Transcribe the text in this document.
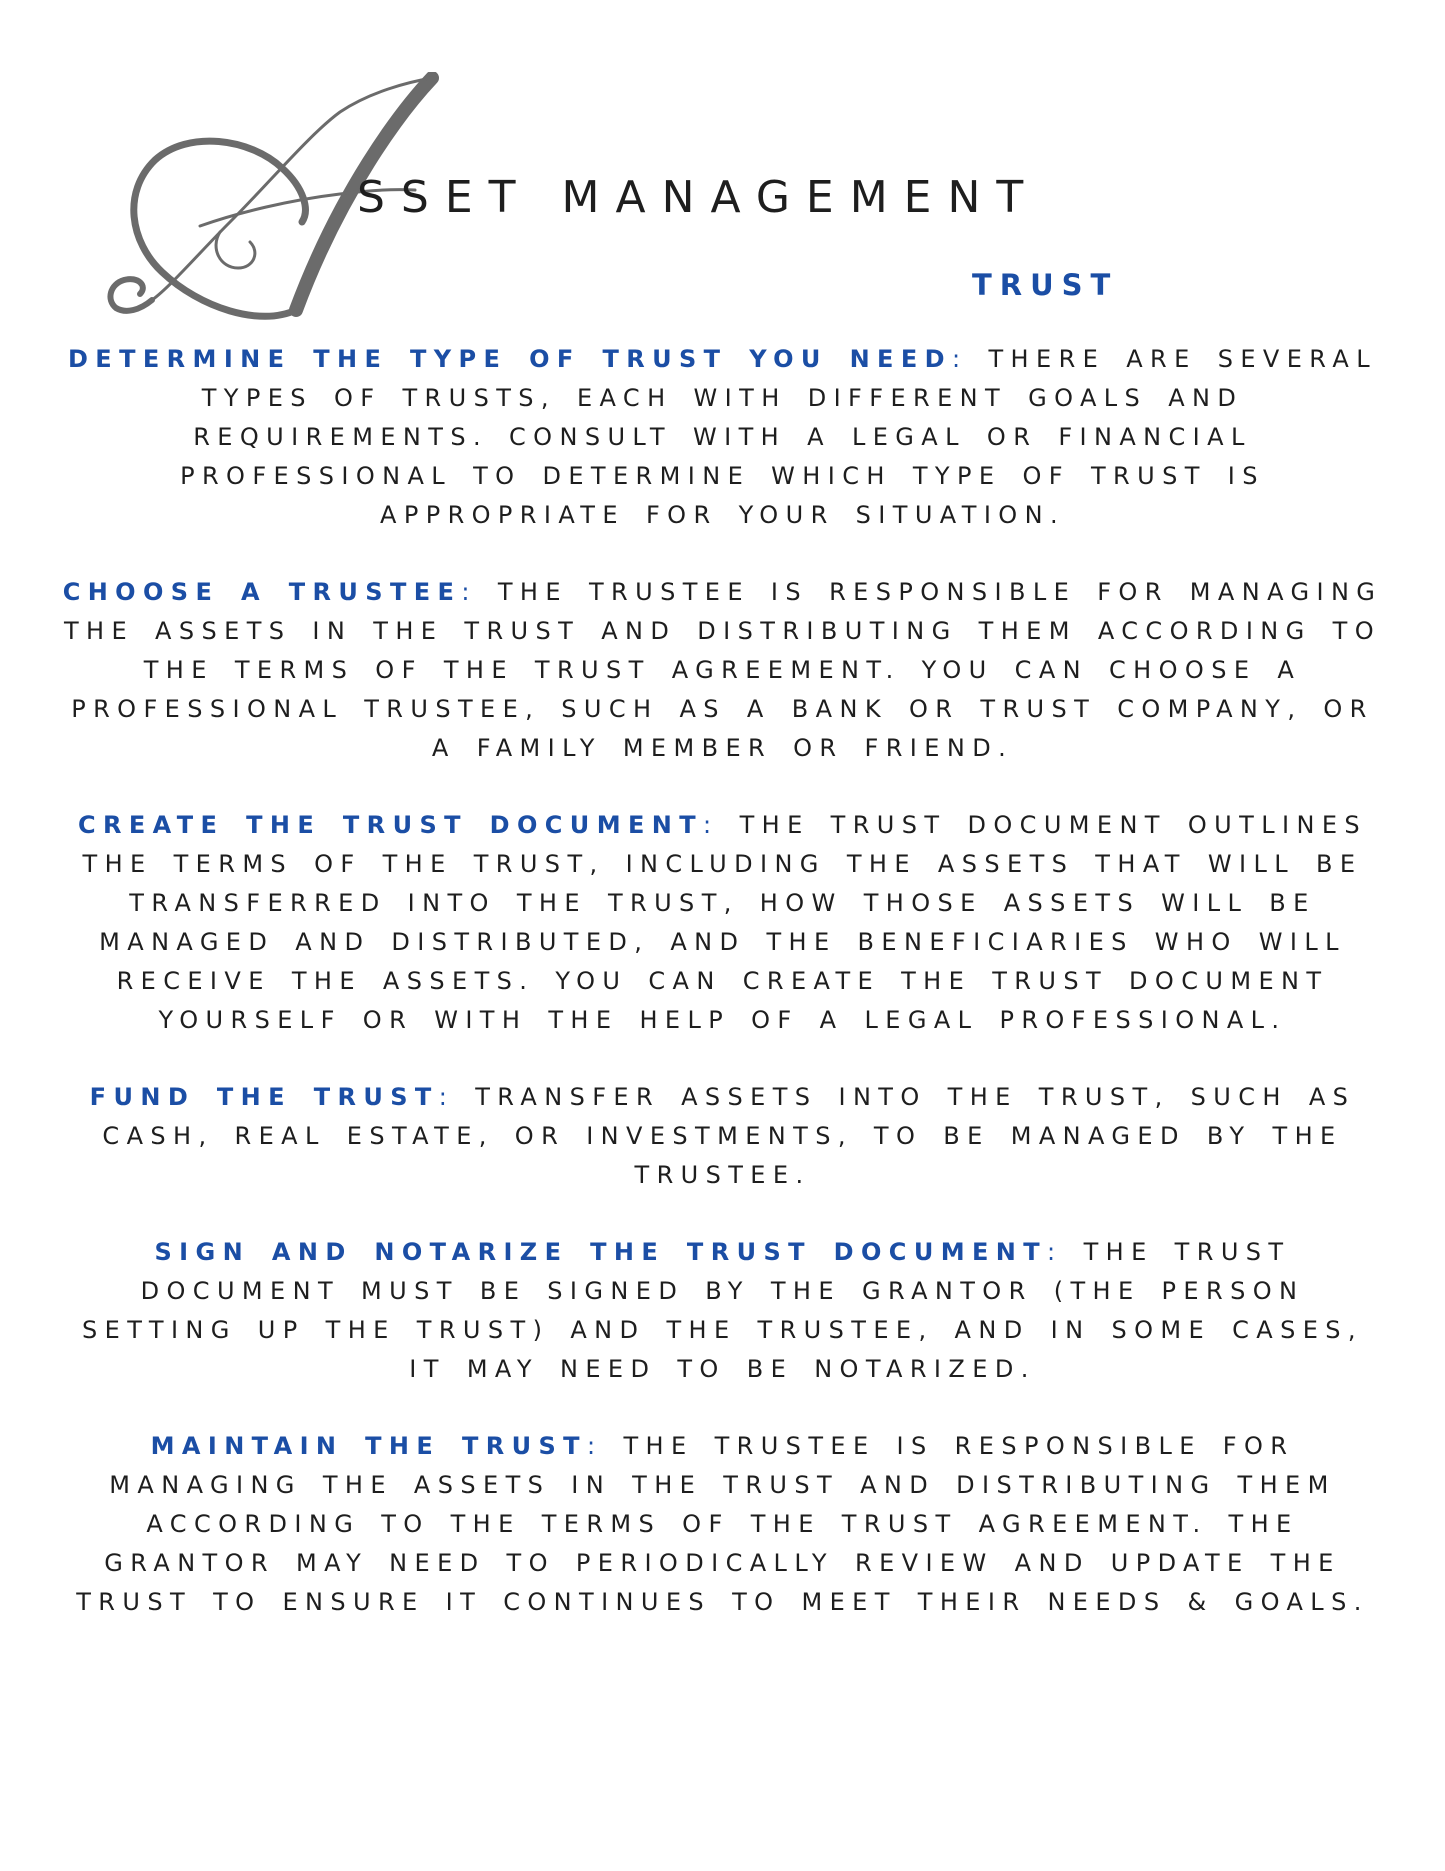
SSET MANAGEMENT
TRUST

DETERMINE THE TYPE OF TRUST YOU NEED: THERE ARE SEVERAL TYPES OF TRUSTS, EACH WITH DIFFERENT GOALS AND REQUIREMENTS. CONSULT WITH A LEGAL OR FINANCIAL PROFESSIONAL TO DETERMINE WHICH TYPE OF TRUST IS APPROPRIATE FOR YOUR SITUATION.

CHOOSE A TRUSTEE: THE TRUSTEE IS RESPONSIBLE FOR MANAGING THE ASSETS IN THE TRUST AND DISTRIBUTING THEM ACCORDING TO THE TERMS OF THE TRUST AGREEMENT. YOU CAN CHOOSE A PROFESSIONAL TRUSTEE, SUCH AS A BANK OR TRUST COMPANY, OR A FAMILY MEMBER OR FRIEND.

CREATE THE TRUST DOCUMENT: THE TRUST DOCUMENT OUTLINES THE TERMS OF THE TRUST, INCLUDING THE ASSETS THAT WILL BE TRANSFERRED INTO THE TRUST, HOW THOSE ASSETS WILL BE MANAGED AND DISTRIBUTED, AND THE BENEFICIARIES WHO WILL RECEIVE THE ASSETS. YOU CAN CREATE THE TRUST DOCUMENT YOURSELF OR WITH THE HELP OF A LEGAL PROFESSIONAL.

FUND THE TRUST: TRANSFER ASSETS INTO THE TRUST, SUCH AS CASH, REAL ESTATE, OR INVESTMENTS, TO BE MANAGED BY THE TRUSTEE.

SIGN AND NOTARIZE THE TRUST DOCUMENT: THE TRUST DOCUMENT MUST BE SIGNED BY THE GRANTOR (THE PERSON SETTING UP THE TRUST) AND THE TRUSTEE, AND IN SOME CASES, IT MAY NEED TO BE NOTARIZED.

MAINTAIN THE TRUST: THE TRUSTEE IS RESPONSIBLE FOR MANAGING THE ASSETS IN THE TRUST AND DISTRIBUTING THEM ACCORDING TO THE TERMS OF THE TRUST AGREEMENT. THE GRANTOR MAY NEED TO PERIODICALLY REVIEW AND UPDATE THE TRUST TO ENSURE IT CONTINUES TO MEET THEIR NEEDS & GOALS.
